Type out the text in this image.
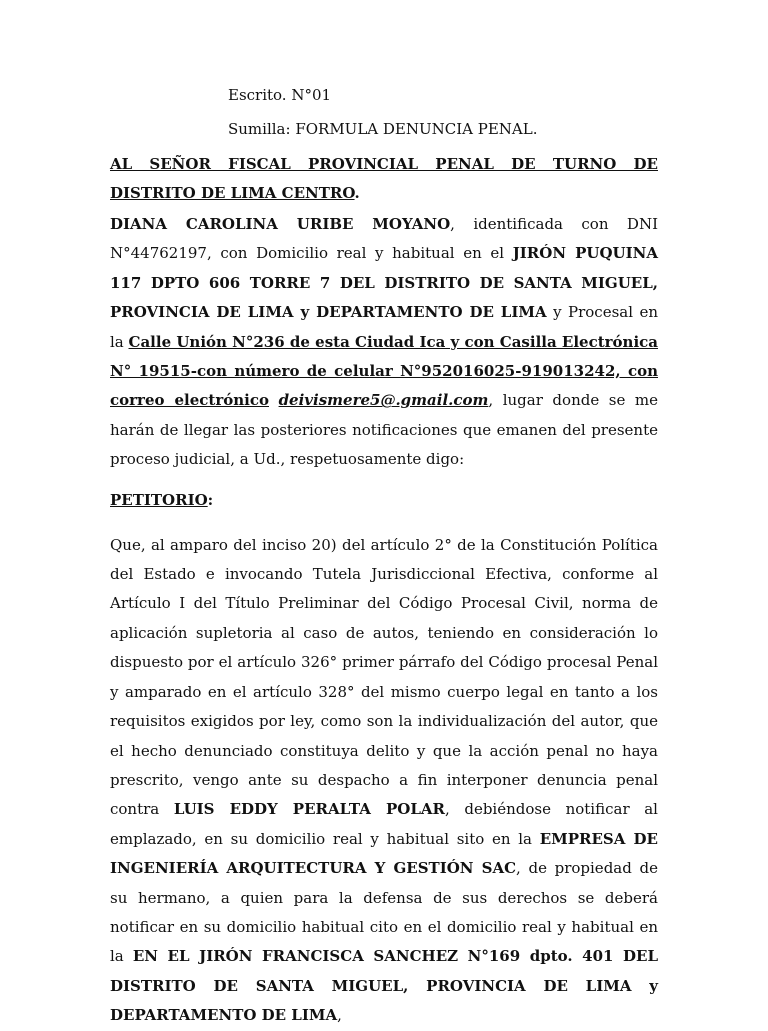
Escrito. N°01
Sumilla: FORMULA DENUNCIA PENAL.

AL SEÑOR FISCAL PROVINCIAL PENAL DE TURNO DE DISTRITO DE LIMA CENTRO.

DIANA CAROLINA URIBE MOYANO, identificada con DNI N°44762197, con Domicilio real y habitual en el JIRÓN PUQUINA 117 DPTO 606 TORRE 7 DEL DISTRITO DE SANTA MIGUEL, PROVINCIA DE LIMA y DEPARTAMENTO DE LIMA y Procesal en la Calle Unión N°236 de esta Ciudad Ica y con Casilla Electrónica N° 19515-con número de celular N°952016025-919013242, con correo electrónico deivismere5@.gmail.com, lugar donde se me harán de llegar las posteriores notificaciones que emanen del presente proceso judicial, a Ud., respetuosamente digo:

PETITORIO:

Que, al amparo del inciso 20) del artículo 2° de la Constitución Política del Estado e invocando Tutela Jurisdiccional Efectiva, conforme al Artículo I del Título Preliminar del Código Procesal Civil, norma de aplicación supletoria al caso de autos, teniendo en consideración lo dispuesto por el artículo 326° primer párrafo del Código procesal Penal y amparado en el artículo 328° del mismo cuerpo legal en tanto a los requisitos exigidos por ley, como son la individualización del autor, que el hecho denunciado constituya delito y que la acción penal no haya prescrito, vengo ante su despacho a fin interponer denuncia penal contra LUIS EDDY PERALTA POLAR, debiéndose notificar al emplazado, en su domicilio real y habitual sito en la EMPRESA DE INGENIERÍA ARQUITECTURA Y GESTIÓN SAC, de propiedad de su hermano, a quien para la defensa de sus derechos se deberá notificar en su domicilio habitual cito en el domicilio real y habitual en la EN EL JIRÓN FRANCISCA SANCHEZ N°169 dpto. 401 DEL DISTRITO DE SANTA MIGUEL, PROVINCIA DE LIMA y DEPARTAMENTO DE LIMA,
